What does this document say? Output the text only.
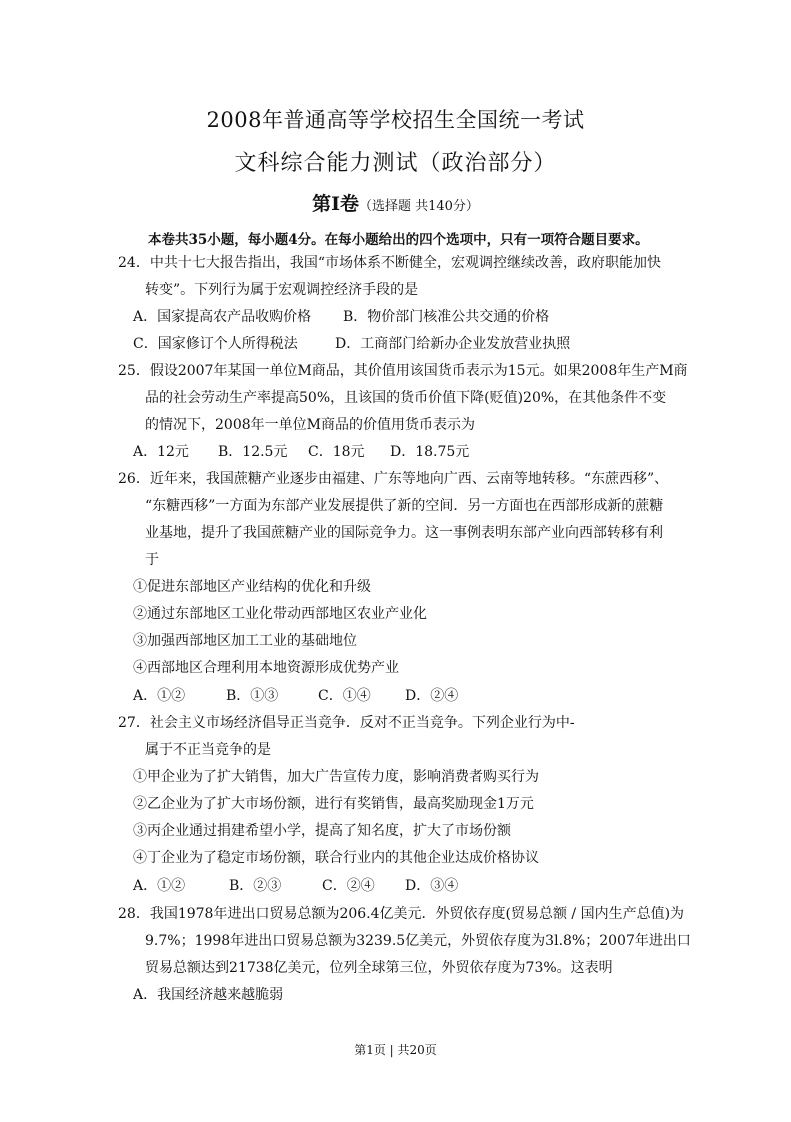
2008年普通高等学校招生全国统一考试
文科综合能力测试（政治部分）
第Ⅰ卷（选择题 共140分）
本卷共35小题，每小题4分。在每小题给出的四个选项中，只有一项符合题目要求。
24．中共十七大报告指出，我国“市场体系不断健全，宏观调控继续改善，政府职能加快
转变”。下列行为属于宏观调控经济手段的是
A．国家提高农产品收购价格 B．物价部门核准公共交通的价格
C．国家修订个人所得税法	D．工商部门给新办企业发放营业执照
25．假设2007年某国一单位M商品，其价值用该国货币表示为15元。如果2008年生产M商
品的社会劳动生产率提高50%，且该国的货币价值下降(贬值)20%，在其他条件不变
的情况下，2008年一单位M商品的价值用货币表示为
A．12元 B．12.5元 C．18元 D．18.75元
26．近年来，我国蔗糖产业逐步由福建、广东等地向广西、云南等地转移。“东蔗西移”、
“东糖西移”一方面为东部产业发展提供了新的空间．另一方面也在西部形成新的蔗糖
业基地，提升了我国蔗糖产业的国际竞争力。这一事例表明东部产业向西部转移有利
于
①促进东部地区产业结构的优化和升级
②通过东部地区工业化带动西部地区农业产业化
③加强西部地区加工工业的基础地位
④西部地区合理利用本地资源形成优势产业
A．①②	B．①③	C．①④ D．②④
27．社会主义市场经济倡导正当竞争．反对不正当竞争。下列企业行为中-
属于不正当竞争的是
①甲企业为了扩大销售，加大广告宣传力度，影响消费者购买行为
②乙企业为了扩大市场份额，进行有奖销售，最高奖励现金1万元
③丙企业通过捐建希望小学，提高了知名度，扩大了市场份额
④丁企业为了稳定市场份额，联合行业内的其他企业达成价格协议
A．①②	B．②③	C．②④ D．③④
28．我国1978年进出口贸易总额为206.4亿美元．外贸依存度(贸易总额 / 国内生产总值)为
9.7%；1998年进出口贸易总额为3239.5亿美元，外贸依存度为3l.8%；2007年进出口
贸易总额达到21738亿美元，位列全球第三位，外贸依存度为73%。这表明
A．我国经济越来越脆弱
第1页 | 共20页
